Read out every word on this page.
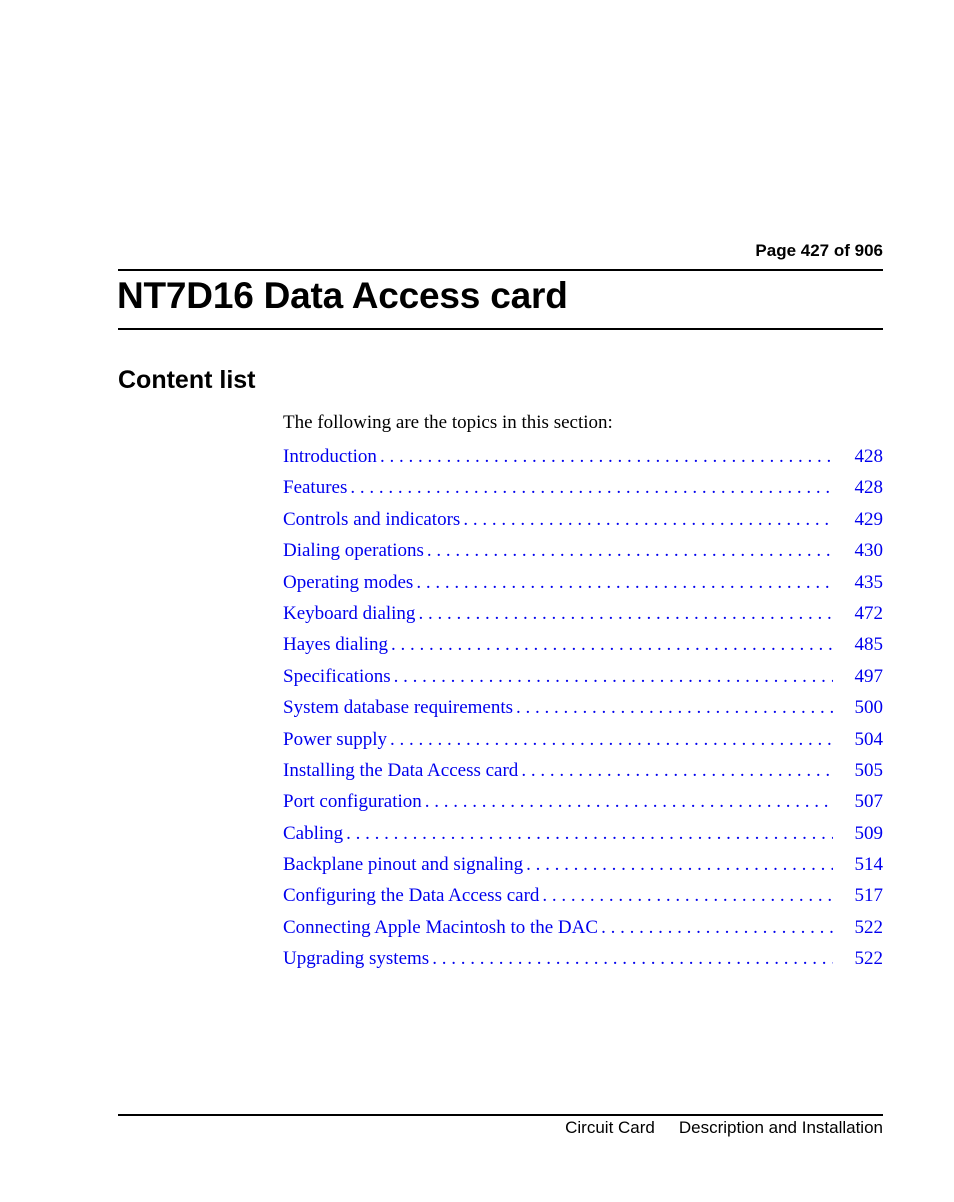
Page 427 of 906
NT7D16 Data Access card
Content list
The following are the topics in this section:
Introduction . . .	428
Features . . .	428
Controls and indicators . . .	429
Dialing operations . . .	430
Operating modes . . .	435
Keyboard dialing . . .	472
Hayes dialing . . .	485
Specifications . . .	497
System database requirements . . .	500
Power supply . . .	504
Installing the Data Access card . . .	505
Port configuration . . .	507
Cabling . . .	509
Backplane pinout and signaling . . .	514
Configuring the Data Access card . . .	517
Connecting Apple Macintosh to the DAC . . .	522
Upgrading systems . . .	522
Circuit Card Description and Installation
